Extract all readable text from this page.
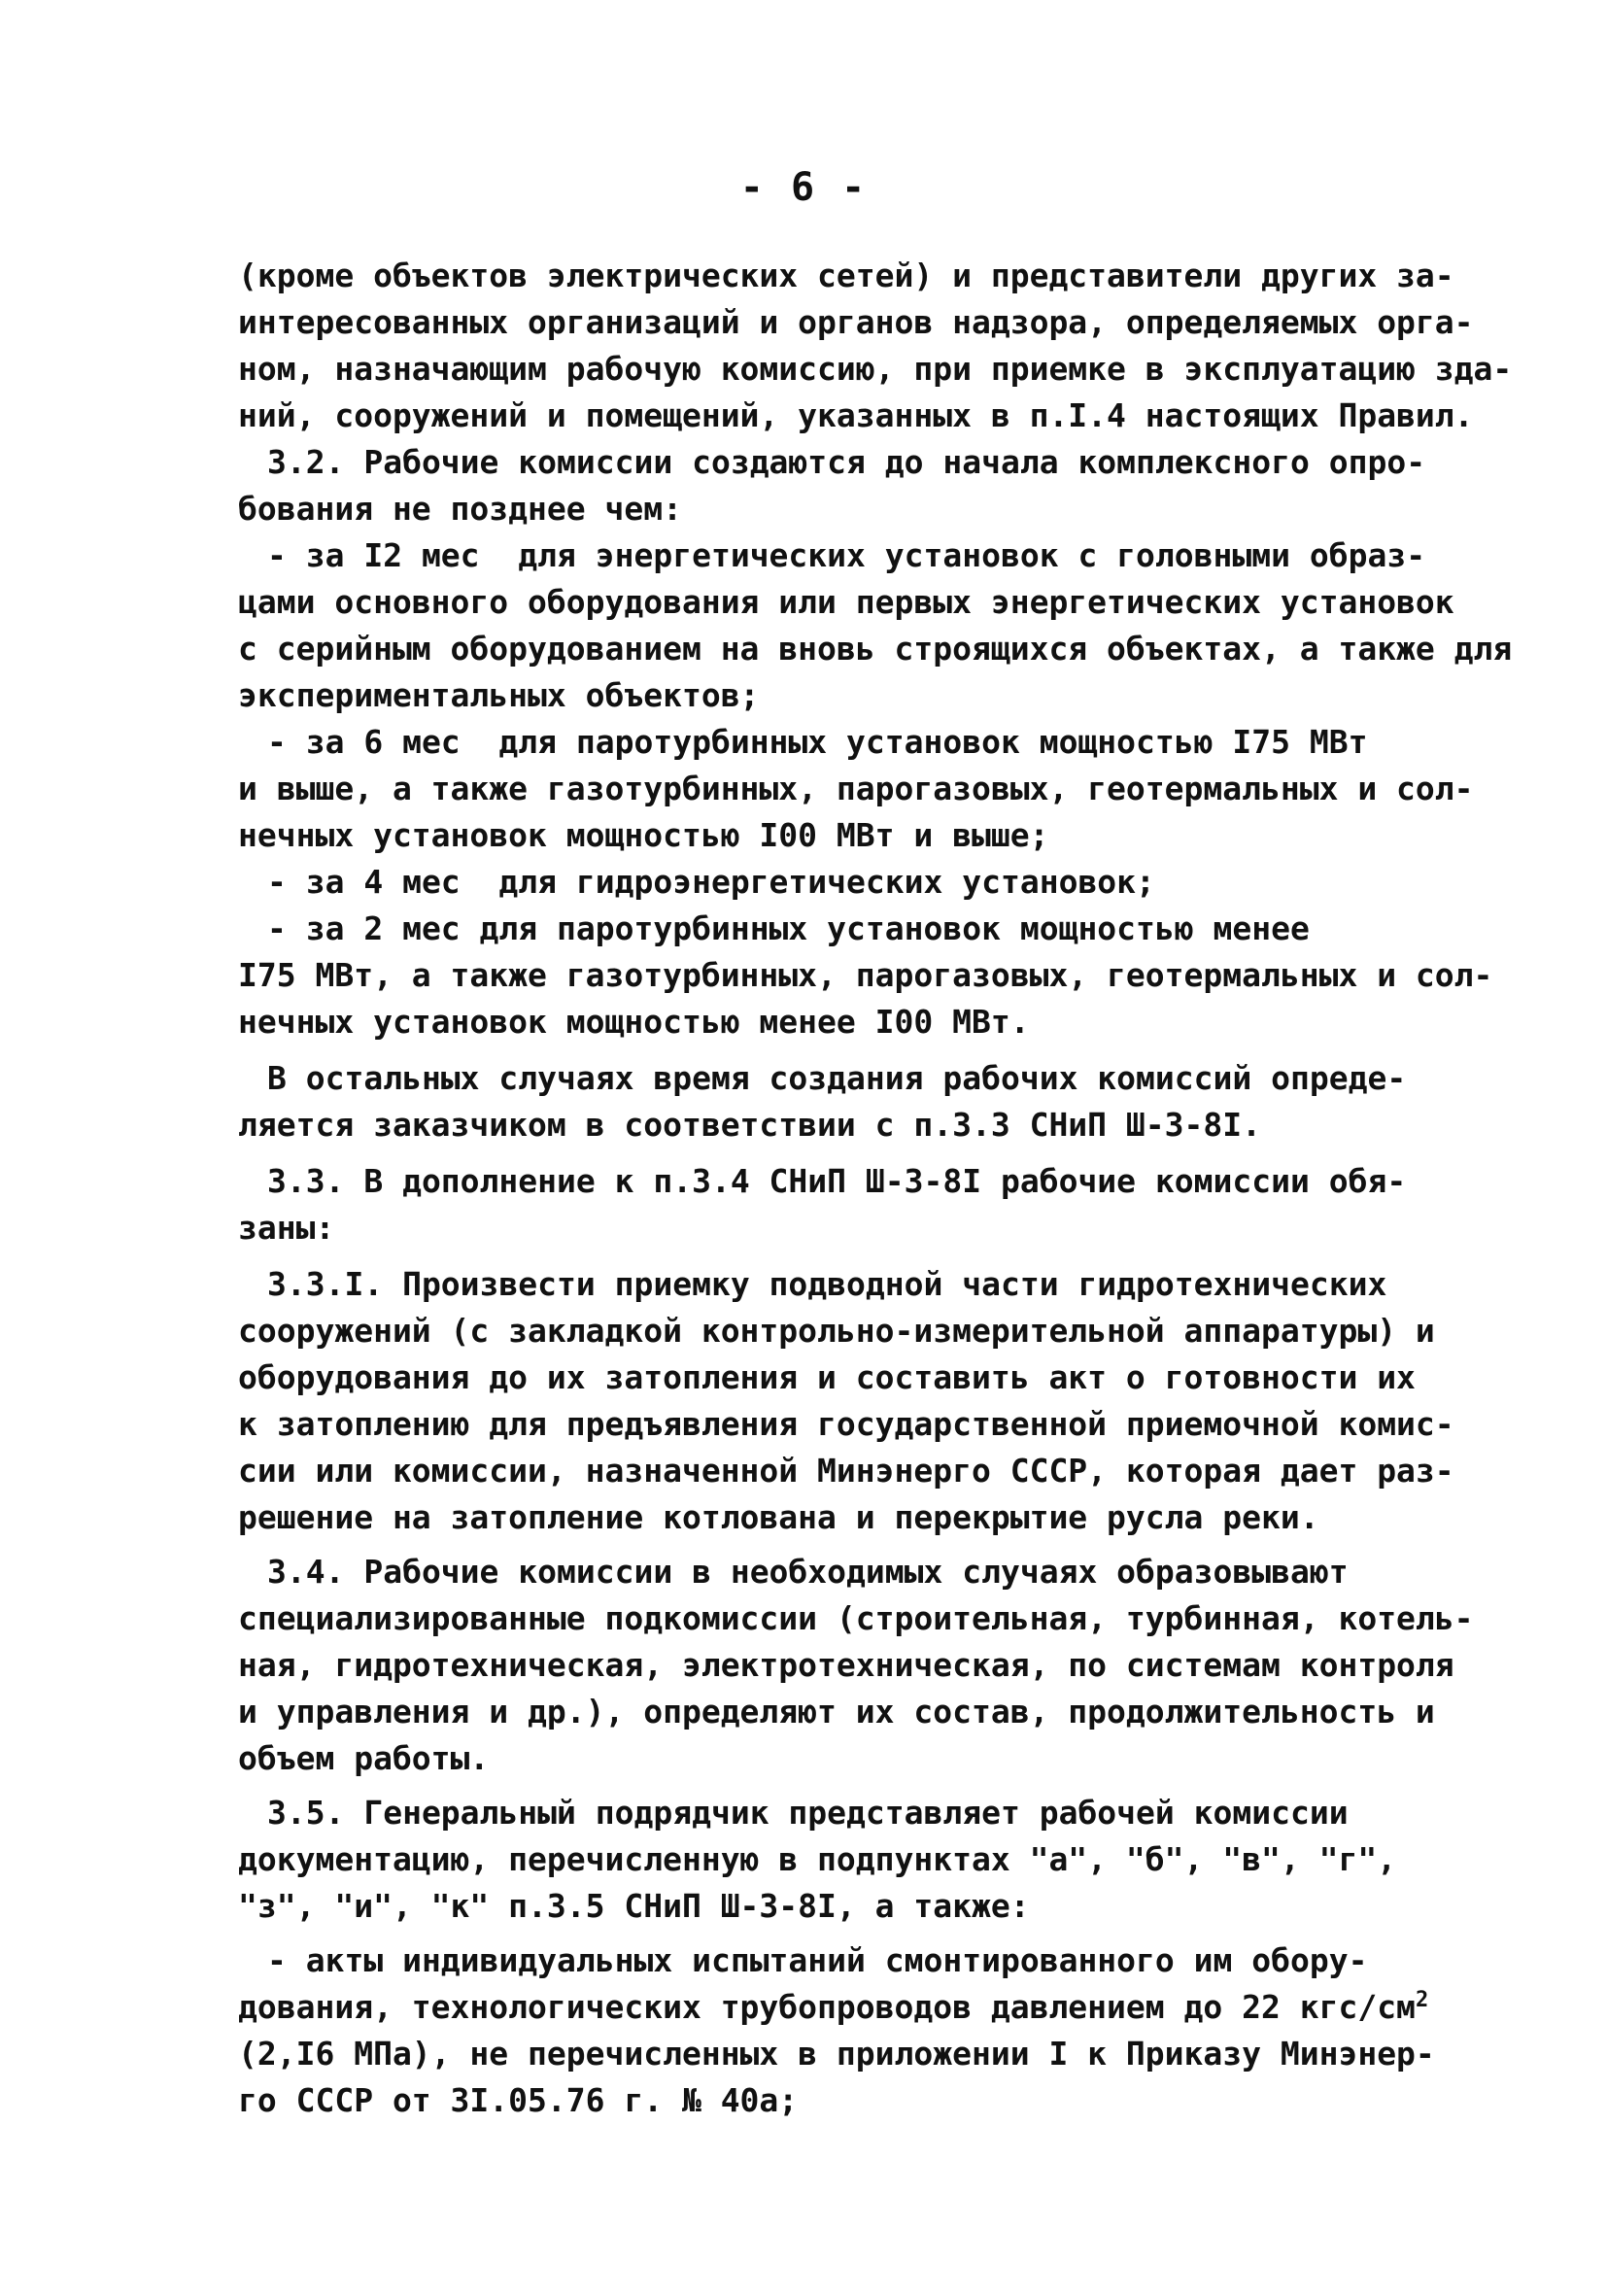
- 6 -

(кроме объектов электрических сетей) и представители других за-

интересованных организаций и органов надзора, определяемых орга-

ном, назначающим рабочую комиссию, при приемке в эксплуатацию зда-

ний, сооружений и помещений, указанных в п.I.4 настоящих Правил.

3.2. Рабочие комиссии создаются до начала комплексного опро-

бования не позднее чем:

- за I2 мес  для энергетических установок с головными образ-

цами основного оборудования или первых энергетических установок

с серийным оборудованием на вновь строящихся объектах, а также для

экспериментальных объектов;

- за 6 мес  для паротурбинных установок мощностью I75 МВт

и выше, а также газотурбинных, парогазовых, геотермальных и сол-

нечных установок мощностью I00 МВт и выше;

- за 4 мес  для гидроэнергетических установок;

- за 2 мес для паротурбинных установок мощностью менее

I75 МВт, а также газотурбинных, парогазовых, геотермальных и сол-

нечных установок мощностью менее I00 МВт.

В остальных случаях время создания рабочих комиссий опреде-

ляется заказчиком в соответствии с п.3.3 СНиП Ш-3-8I.

3.3. В дополнение к п.3.4 СНиП Ш-3-8I рабочие комиссии обя-

заны:

3.3.I. Произвести приемку подводной части гидротехнических

сооружений (с закладкой контрольно-измерительной аппаратуры) и

оборудования до их затопления и составить акт о готовности их

к затоплению для предъявления государственной приемочной комис-

сии или комиссии, назначенной Минэнерго СССР, которая дает раз-

решение на затопление котлована и перекрытие русла реки.

3.4. Рабочие комиссии в необходимых случаях образовывают

специализированные подкомиссии (строительная, турбинная, котель-

ная, гидротехническая, электротехническая, по системам контроля

и управления и др.), определяют их состав, продолжительность и

объем работы.

3.5. Генеральный подрядчик представляет рабочей комиссии

документацию, перечисленную в подпунктах "а", "б", "в", "г",

"з", "и", "к" п.3.5 СНиП Ш-3-8I, а также:

- акты индивидуальных испытаний смонтированного им обору-

дования, технологических трубопроводов давлением до 22 кгс/$см^2$

(2,I6 МПа), не перечисленных в приложении I к Приказу Минэнер-

го СССР от 3I.05.76 г. № 40а;
